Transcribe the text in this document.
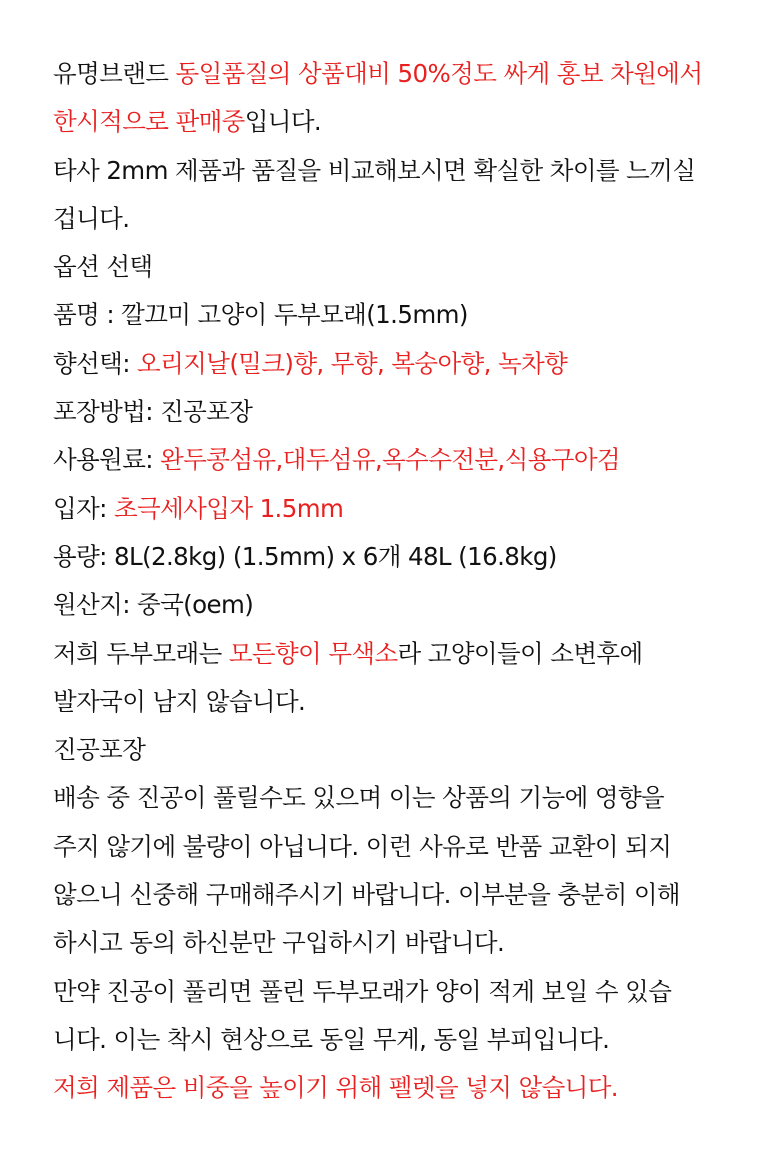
유명브랜드 동일품질의 상품대비 50%정도 싸게 홍보 차원에서
한시적으로 판매중입니다.
타사 2mm 제품과 품질을 비교해보시면 확실한 차이를 느끼실
겁니다.
옵션 선택
품명 : 깔끄미 고양이 두부모래(1.5mm)
향선택: 오리지날(밀크)향, 무향, 복숭아향, 녹차향
포장방법: 진공포장
사용원료: 완두콩섬유,대두섬유,옥수수전분,식용구아검
입자: 초극세사입자 1.5mm
용량: 8L(2.8kg) (1.5mm) x 6개 48L (16.8kg)
원산지: 중국(oem)
저희 두부모래는 모든향이 무색소라 고양이들이 소변후에
발자국이 남지 않습니다.
진공포장
배송 중 진공이 풀릴수도 있으며 이는 상품의 기능에 영향을
주지 않기에 불량이 아닙니다. 이런 사유로 반품 교환이 되지
않으니 신중해 구매해주시기 바랍니다. 이부분을 충분히 이해
하시고 동의 하신분만 구입하시기 바랍니다.
만약 진공이 풀리면 풀린 두부모래가 양이 적게 보일 수 있습
니다. 이는 착시 현상으로 동일 무게, 동일 부피입니다.
저희 제품은 비중을 높이기 위해 펠렛을 넣지 않습니다.
